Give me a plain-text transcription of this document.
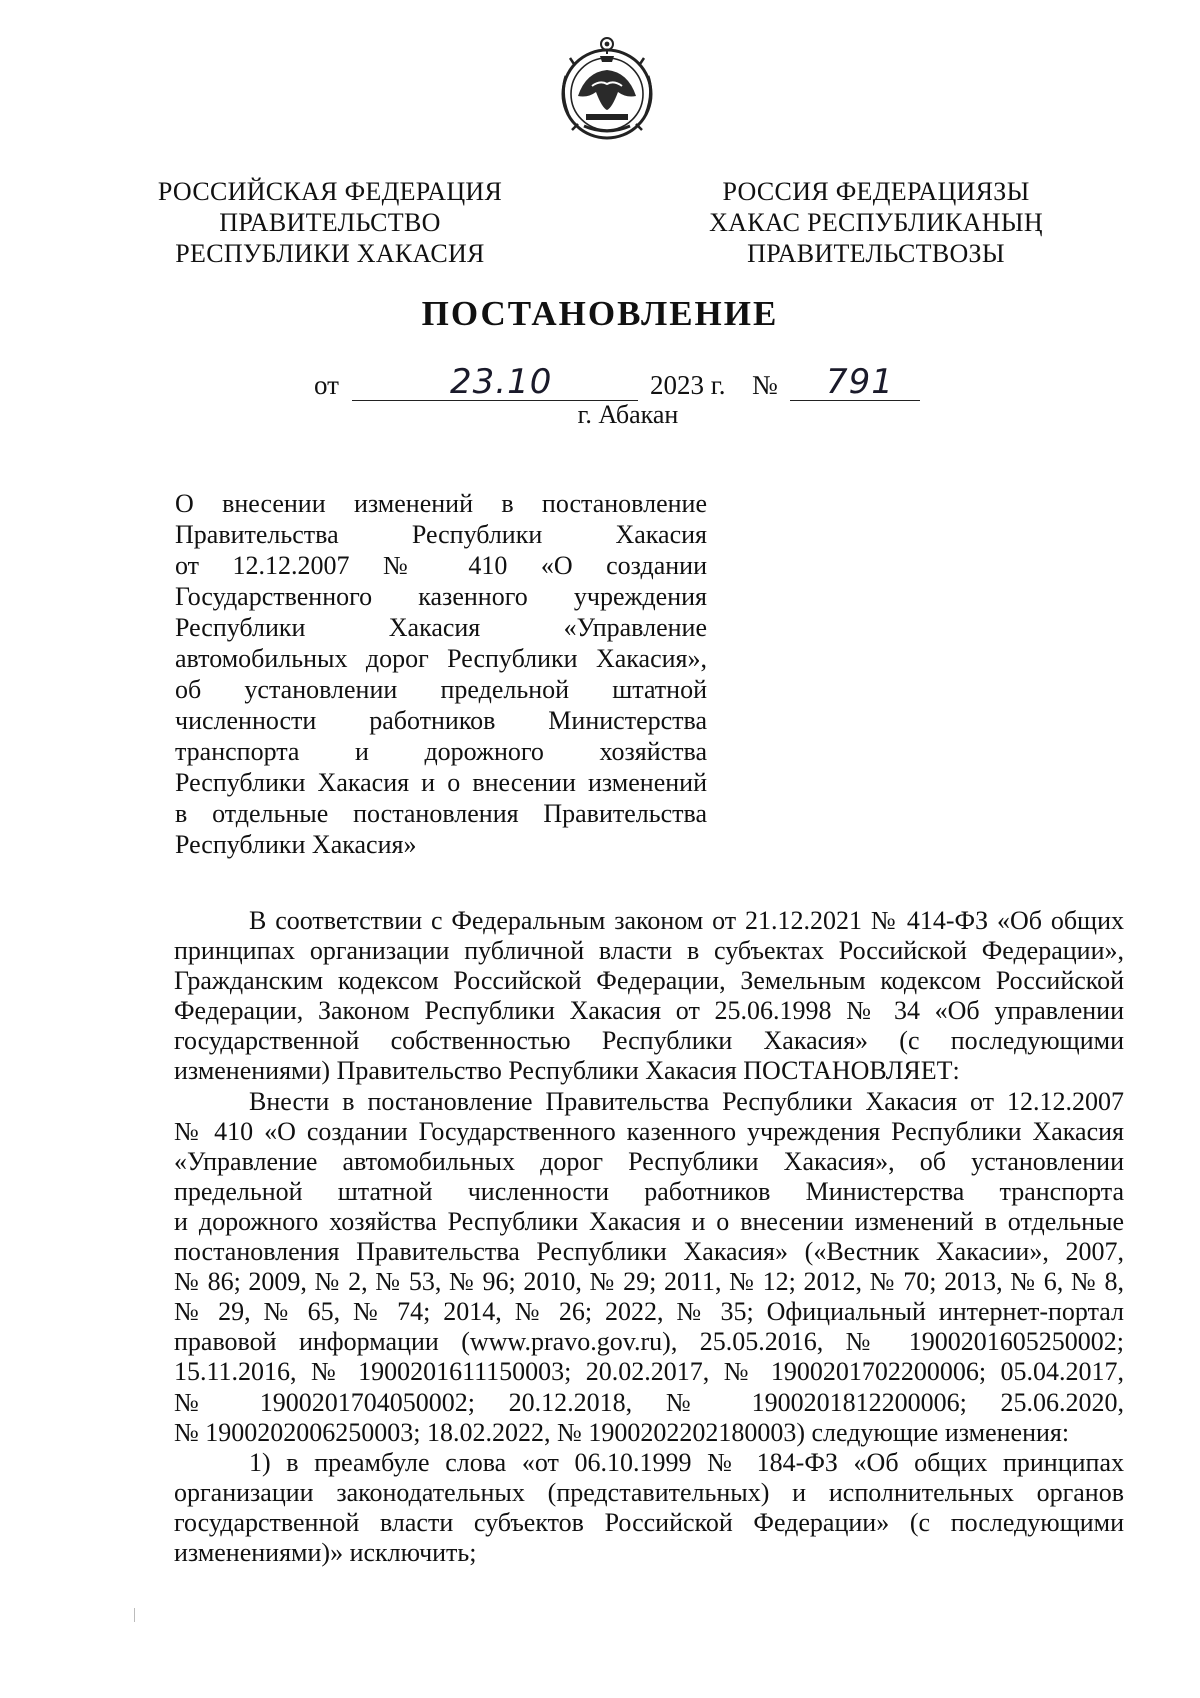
РОССИЙСКАЯ ФЕДЕРАЦИЯ
ПРАВИТЕЛЬСТВО
РЕСПУБЛИКИ ХАКАСИЯ
РОССИЯ ФЕДЕРАЦИЯЗЫ
ХАКАС РЕСПУБЛИКАНЫҢ
ПРАВИТЕЛЬСТВОЗЫ
ПОСТАНОВЛЕНИЕ
от	23.10	2023 г. № 791
г. Абакан
О внесении изменений в постановление
Правительства Республики Хакасия
от 12.12.2007 № 410 «О создании
Государственного казенного учреждения
Республики Хакасия «Управление
автомобильных дорог Республики Хакасия»,
об установлении предельной штатной
численности работников Министерства
транспорта и дорожного хозяйства
Республики Хакасия и о внесении изменений
в отдельные постановления Правительства
Республики Хакасия»
В соответствии с Федеральным законом от 21.12.2021 № 414-ФЗ «Об общих
принципах организации публичной власти в субъектах Российской Федерации»,
Гражданским кодексом Российской Федерации, Земельным кодексом Российской
Федерации, Законом Республики Хакасия от 25.06.1998 № 34 «Об управлении
государственной собственностью Республики Хакасия» (с последующими
изменениями) Правительство Республики Хакасия ПОСТАНОВЛЯЕТ:
Внести в постановление Правительства Республики Хакасия от 12.12.2007
№ 410 «О создании Государственного казенного учреждения Республики Хакасия
«Управление автомобильных дорог Республики Хакасия», об установлении
предельной штатной численности работников Министерства транспорта
и дорожного хозяйства Республики Хакасия и о внесении изменений в отдельные
постановления Правительства Республики Хакасия» («Вестник Хакасии», 2007,
№ 86; 2009, № 2, № 53, № 96; 2010, № 29; 2011, № 12; 2012, № 70; 2013, № 6, № 8,
№ 29, № 65, № 74; 2014, № 26; 2022, № 35; Официальный интернет-портал
правовой информации (www.pravo.gov.ru), 25.05.2016, № 1900201605250002;
15.11.2016, № 1900201611150003; 20.02.2017, № 1900201702200006; 05.04.2017,
№ 1900201704050002; 20.12.2018, № 1900201812200006; 25.06.2020,
№ 1900202006250003; 18.02.2022, № 1900202202180003) следующие изменения:
1) в преамбуле слова «от 06.10.1999 № 184-ФЗ «Об общих принципах
организации законодательных (представительных) и исполнительных органов
государственной власти субъектов Российской Федерации» (с последующими
изменениями)» исключить;
